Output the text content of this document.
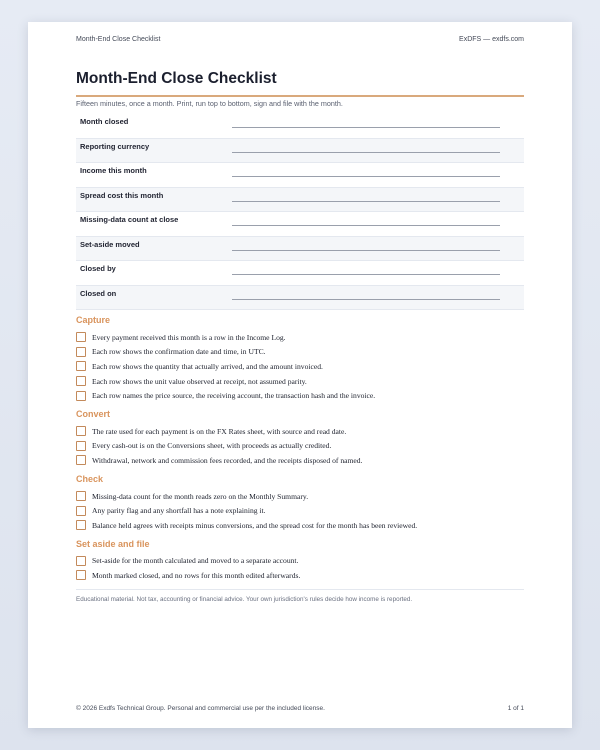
Month-End Close Checklist	ExDFS — exdfs.com
Month-End Close Checklist
Fifteen minutes, once a month. Print, run top to bottom, sign and file with the month.
Month closed
Reporting currency
Income this month
Spread cost this month
Missing-data count at close
Set-aside moved
Closed by
Closed on
Capture
Every payment received this month is a row in the Income Log.
Each row shows the confirmation date and time, in UTC.
Each row shows the quantity that actually arrived, and the amount invoiced.
Each row shows the unit value observed at receipt, not assumed parity.
Each row names the price source, the receiving account, the transaction hash and the invoice.
Convert
The rate used for each payment is on the FX Rates sheet, with source and read date.
Every cash-out is on the Conversions sheet, with proceeds as actually credited.
Withdrawal, network and commission fees recorded, and the receipts disposed of named.
Check
Missing-data count for the month reads zero on the Monthly Summary.
Any parity flag and any shortfall has a note explaining it.
Balance held agrees with receipts minus conversions, and the spread cost for the month has been reviewed.
Set aside and file
Set-aside for the month calculated and moved to a separate account.
Month marked closed, and no rows for this month edited afterwards.
Educational material. Not tax, accounting or financial advice. Your own jurisdiction's rules decide how income is reported.
© 2026 Exdfs Technical Group. Personal and commercial use per the included license.	1 of 1
